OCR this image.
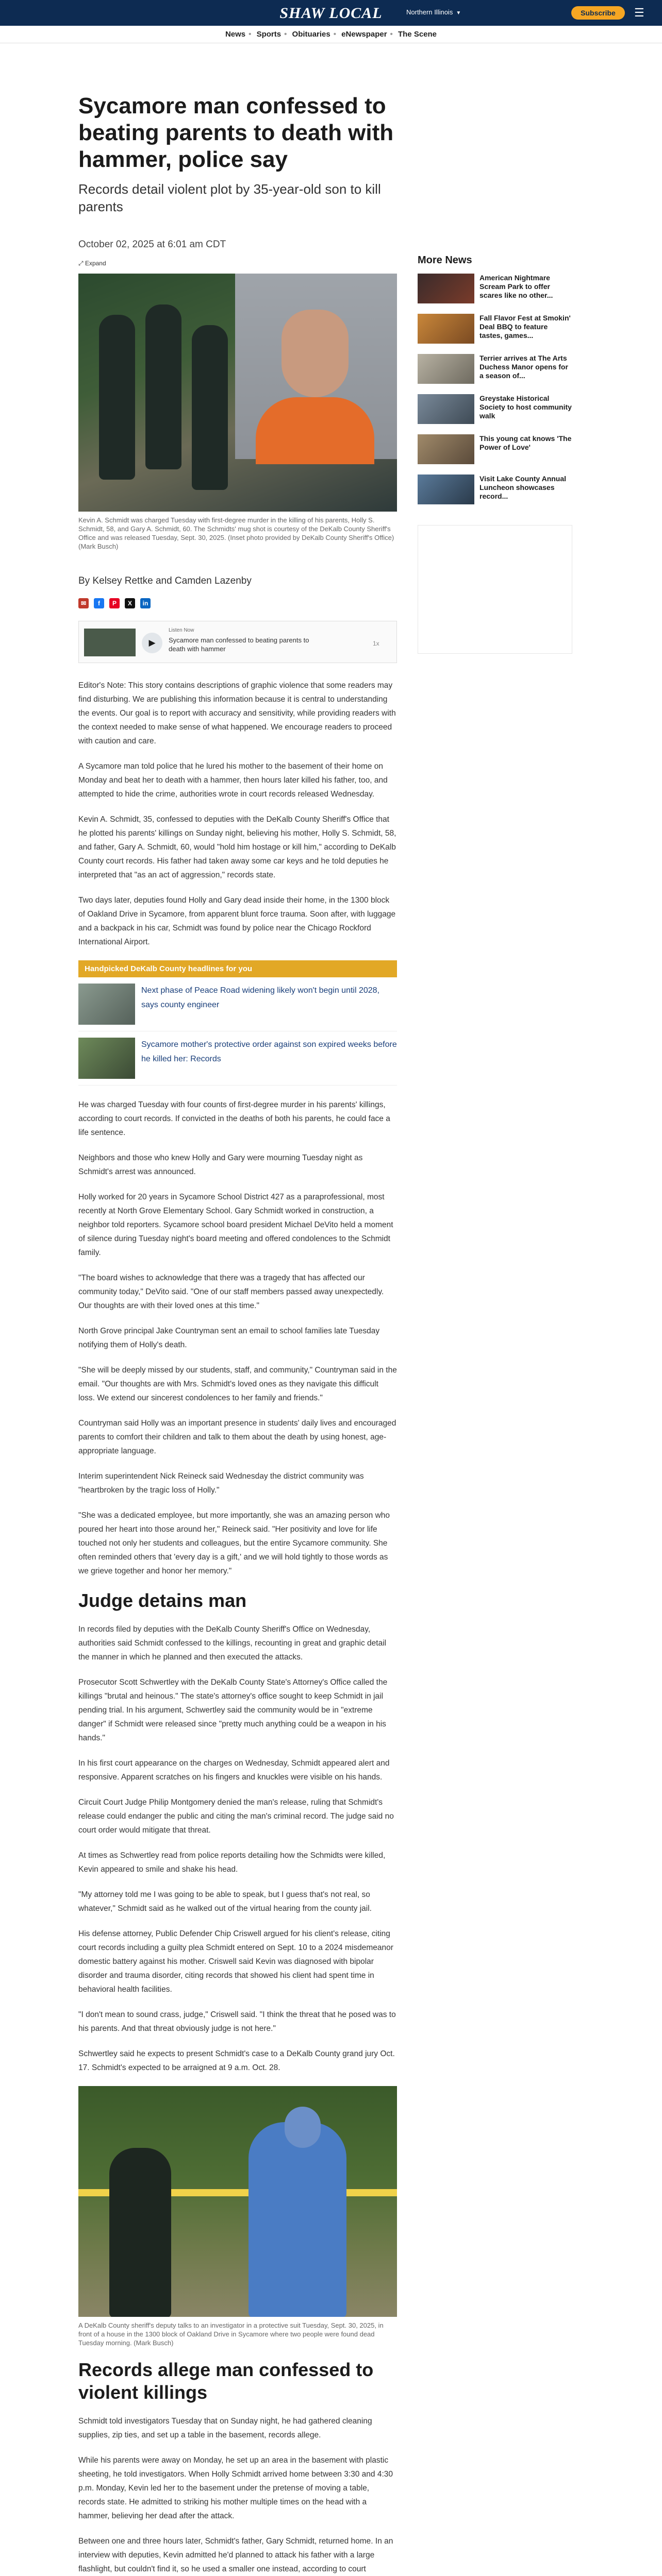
SHAW LOCAL	Northern Illinois ▼	Subscribe	☰
News • Sports • Obituaries • eNewspaper • The Scene
Sycamore man confessed to beating parents to death with hammer, police say
Records detail violent plot by 35-year-old son to kill parents
October 02, 2025 at 6:01 am CDT
⤢ Expand
Kevin A. Schmidt was charged Tuesday with first-degree murder in the killing of his parents, Holly S. Schmidt, 58, and Gary A. Schmidt, 60. The Schmidts' mug shot is courtesy of the DeKalb County Sheriff's Office and was released Tuesday, Sept. 30, 2025. (Inset photo provided by DeKalb County Sheriff's Office) (Mark Busch)
By Kelsey Rettke and Camden Lazenby
✉	f	P	X	in
▶
Listen Now
Sycamore man confessed to beating parents to death with hammer
1x

Editor's Note: This story contains descriptions of graphic violence that some readers may find disturbing. We are publishing this information because it is central to understanding the events. Our goal is to report with accuracy and sensitivity, while providing readers with the context needed to make sense of what happened. We encourage readers to proceed with caution and care.

A Sycamore man told police that he lured his mother to the basement of their home on Monday and beat her to death with a hammer, then hours later killed his father, too, and attempted to hide the crime, authorities wrote in court records released Wednesday.

Kevin A. Schmidt, 35, confessed to deputies with the DeKalb County Sheriff's Office that he plotted his parents' killings on Sunday night, believing his mother, Holly S. Schmidt, 58, and father, Gary A. Schmidt, 60, would "hold him hostage or kill him," according to DeKalb County court records. His father had taken away some car keys and he told deputies he interpreted that "as an act of aggression," records state.

Two days later, deputies found Holly and Gary dead inside their home, in the 1300 block of Oakland Drive in Sycamore, from apparent blunt force trauma. Soon after, with luggage and a backpack in his car, Schmidt was found by police near the Chicago Rockford International Airport.

Handpicked DeKalb County headlines for you
Next phase of Peace Road widening likely won't begin until 2028, says county engineer
Sycamore mother's protective order against son expired weeks before he killed her: Records

He was charged Tuesday with four counts of first-degree murder in his parents' killings, according to court records. If convicted in the deaths of both his parents, he could face a life sentence.

Neighbors and those who knew Holly and Gary were mourning Tuesday night as Schmidt's arrest was announced.

Holly worked for 20 years in Sycamore School District 427 as a paraprofessional, most recently at North Grove Elementary School. Gary Schmidt worked in construction, a neighbor told reporters. Sycamore school board president Michael DeVito held a moment of silence during Tuesday night's board meeting and offered condolences to the Schmidt family.

"The board wishes to acknowledge that there was a tragedy that has affected our community today," DeVito said. "One of our staff members passed away unexpectedly. Our thoughts are with their loved ones at this time."

North Grove principal Jake Countryman sent an email to school families late Tuesday notifying them of Holly's death.

"She will be deeply missed by our students, staff, and community," Countryman said in the email. "Our thoughts are with Mrs. Schmidt's loved ones as they navigate this difficult loss. We extend our sincerest condolences to her family and friends."

Countryman said Holly was an important presence in students' daily lives and encouraged parents to comfort their children and talk to them about the death by using honest, age-appropriate language.

Interim superintendent Nick Reineck said Wednesday the district community was "heartbroken by the tragic loss of Holly."

"She was a dedicated employee, but more importantly, she was an amazing person who poured her heart into those around her," Reineck said. "Her positivity and love for life touched not only her students and colleagues, but the entire Sycamore community. She often reminded others that 'every day is a gift,' and we will hold tightly to those words as we grieve together and honor her memory."

Judge detains man

In records filed by deputies with the DeKalb County Sheriff's Office on Wednesday, authorities said Schmidt confessed to the killings, recounting in great and graphic detail the manner in which he planned and then executed the attacks.

Prosecutor Scott Schwertley with the DeKalb County State's Attorney's Office called the killings "brutal and heinous." The state's attorney's office sought to keep Schmidt in jail pending trial. In his argument, Schwertley said the community would be in "extreme danger" if Schmidt were released since "pretty much anything could be a weapon in his hands."

In his first court appearance on the charges on Wednesday, Schmidt appeared alert and responsive. Apparent scratches on his fingers and knuckles were visible on his hands.

Circuit Court Judge Philip Montgomery denied the man's release, ruling that Schmidt's release could endanger the public and citing the man's criminal record. The judge said no court order would mitigate that threat.

At times as Schwertley read from police reports detailing how the Schmidts were killed, Kevin appeared to smile and shake his head.

"My attorney told me I was going to be able to speak, but I guess that's not real, so whatever," Schmidt said as he walked out of the virtual hearing from the county jail.

His defense attorney, Public Defender Chip Criswell argued for his client's release, citing court records including a guilty plea Schmidt entered on Sept. 10 to a 2024 misdemeanor domestic battery against his mother. Criswell said Kevin was diagnosed with bipolar disorder and trauma disorder, citing records that showed his client had spent time in behavioral health facilities.

"I don't mean to sound crass, judge," Criswell said. "I think the threat that he posed was to his parents. And that threat obviously judge is not here."

Schwertley said he expects to present Schmidt's case to a DeKalb County grand jury Oct. 17. Schmidt's expected to be arraigned at 9 a.m. Oct. 28.

A DeKalb County sheriff's deputy talks to an investigator in a protective suit Tuesday, Sept. 30, 2025, in front of a house in the 1300 block of Oakland Drive in Sycamore where two people were found dead Tuesday morning. (Mark Busch)
Records allege man confessed to violent killings

Schmidt told investigators Tuesday that on Sunday night, he had gathered cleaning supplies, zip ties, and set up a table in the basement, records allege.

While his parents were away on Monday, he set up an area in the basement with plastic sheeting, he told investigators. When Holly Schmidt arrived home between 3:30 and 4:30 p.m. Monday, Kevin led her to the basement under the pretense of moving a table, records state. He admitted to striking his mother multiple times on the head with a hammer, believing her dead after the attack.

Between one and three hours later, Schmidt's father, Gary Schmidt, returned home. In an interview with deputies, Kevin admitted he'd planned to attack his father with a large flashlight, but couldn't find it, so he used a smaller one instead, according to court

More News
American Nightmare Scream Park to offer scares like no other...
Fall Flavor Fest at Smokin' Deal BBQ to feature tastes, games...
Terrier arrives at The Arts Duchess Manor opens for a season of...
Greystake Historical Society to host community walk
This young cat knows 'The Power of Love'
Visit Lake County Annual Luncheon showcases record...
